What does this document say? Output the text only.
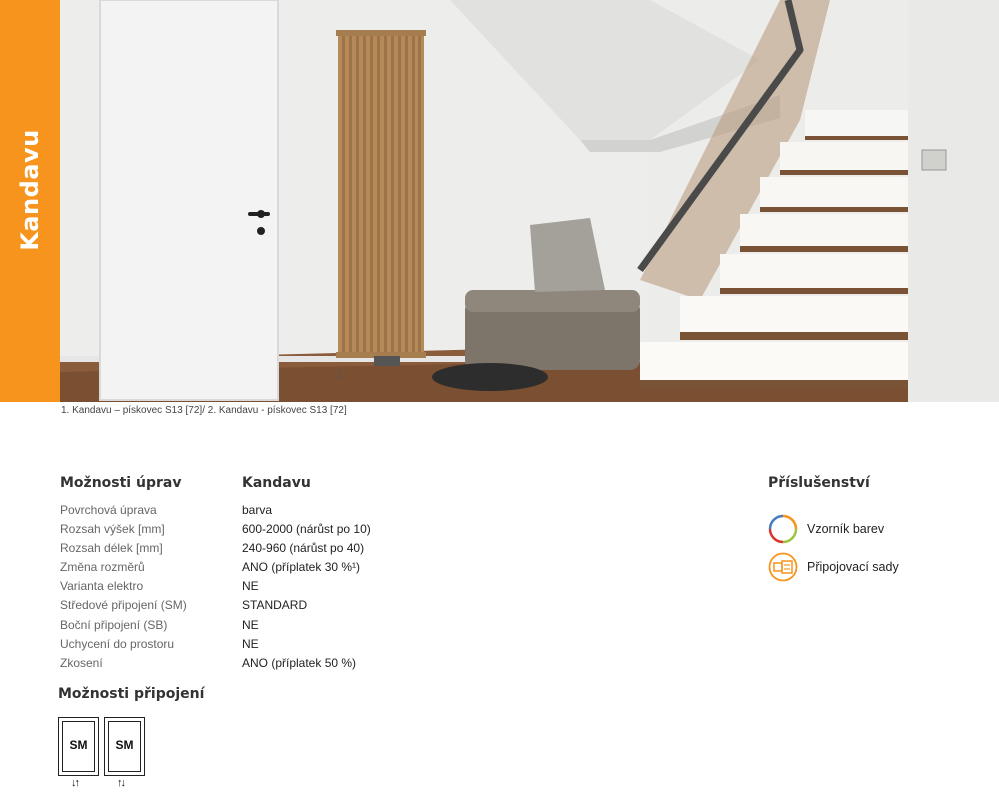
Kandavu
2.
1. Kandavu – pískovec S13 [72]/ 2. Kandavu - pískovec S13 [72]
Možnosti úprav	Kandavu
Povrchová úprava	barva
Rozsah výšek [mm]	600-2000 (nárůst po 10)
Rozsah délek [mm]	240-960 (nárůst po 40)
Změna rozměrů	ANO (příplatek 30 %¹)
Varianta elektro	NE
Středové připojení (SM)	STANDARD
Boční připojení (SB)	NE
Uchycení do prostoru	NE
Zkosení	ANO (příplatek 50 %)
Příslušenství
Vzorník barev
Připojovací sady
Možnosti připojení
SM
↓↑
SM
↑↓
